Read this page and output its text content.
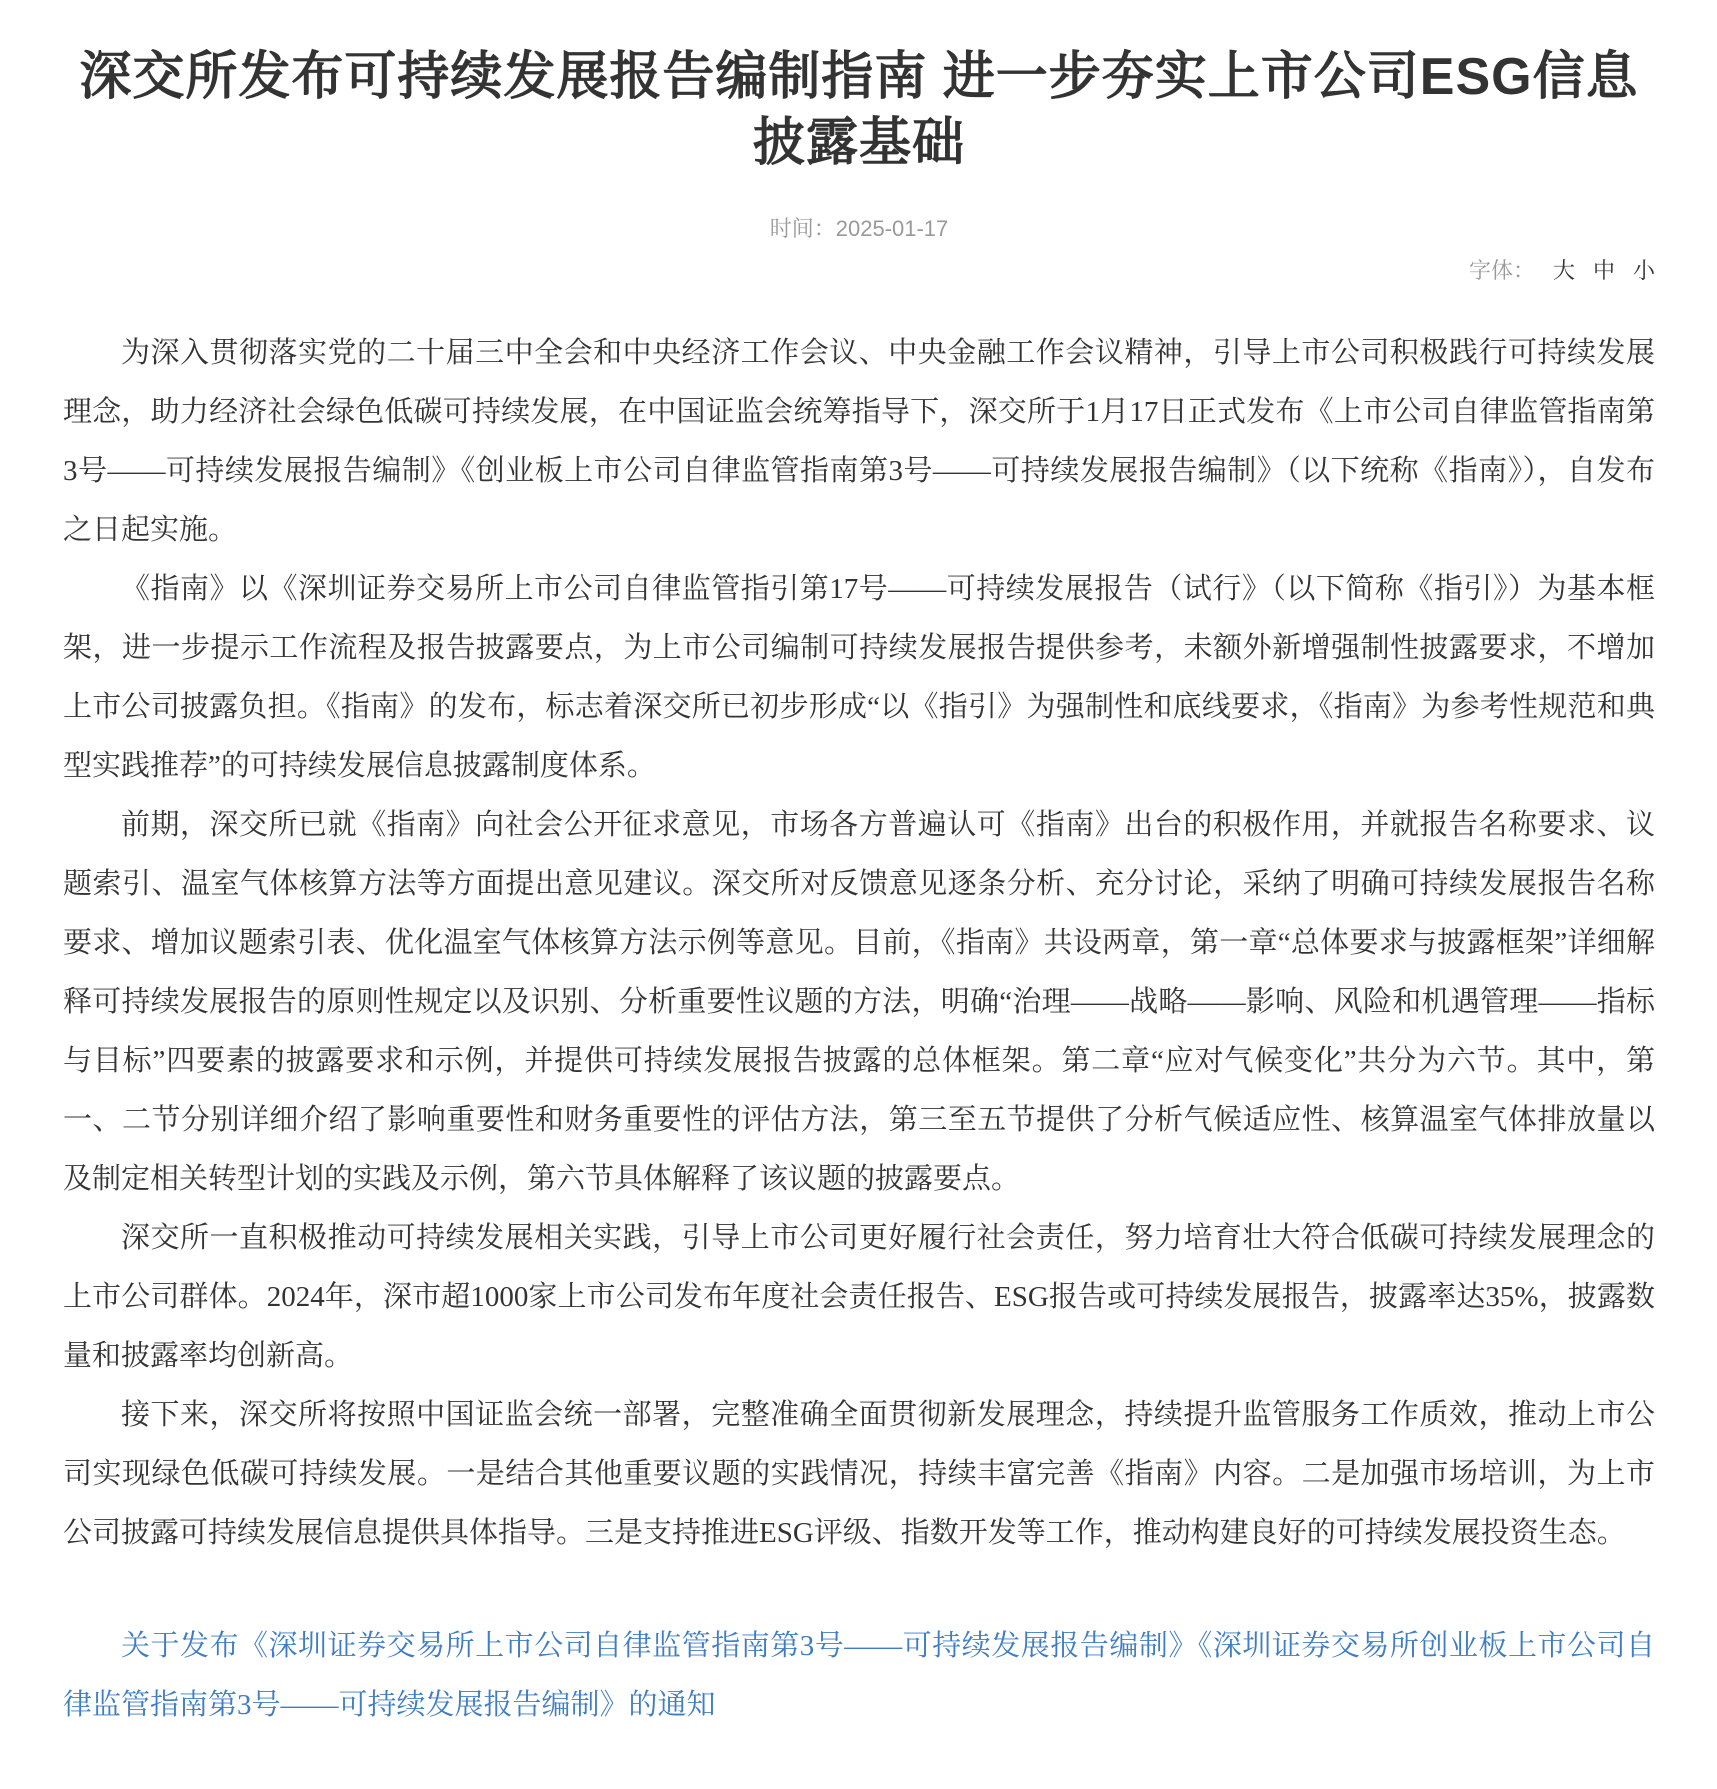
深交所发布可持续发展报告编制指南 进一步夯实上市公司ESG信息披露基础
时间：2025-01-17
字体： 大 中 小

为深入贯彻落实党的二十届三中全会和中央经济工作会议、中央金融工作会议精神，引导上市公司积极践行可持续发展理念，助力经济社会绿色低碳可持续发展，在中国证监会统筹指导下，深交所于1月17日正式发布《上市公司自律监管指南第3号——可持续发展报告编制》《创业板上市公司自律监管指南第3号——可持续发展报告编制》（以下统称《指南》），自发布之日起实施。

《指南》以《深圳证券交易所上市公司自律监管指引第17号——可持续发展报告（试行》（以下简称《指引》）为基本框架，进一步提示工作流程及报告披露要点，为上市公司编制可持续发展报告提供参考，未额外新增强制性披露要求，不增加上市公司披露负担。《指南》的发布，标志着深交所已初步形成“以《指引》为强制性和底线要求，《指南》为参考性规范和典型实践推荐”的可持续发展信息披露制度体系。

前期，深交所已就《指南》向社会公开征求意见，市场各方普遍认可《指南》出台的积极作用，并就报告名称要求、议题索引、温室气体核算方法等方面提出意见建议。深交所对反馈意见逐条分析、充分讨论，采纳了明确可持续发展报告名称要求、增加议题索引表、优化温室气体核算方法示例等意见。目前，《指南》共设两章，第一章“总体要求与披露框架”详细解释可持续发展报告的原则性规定以及识别、分析重要性议题的方法，明确“治理——战略——影响、风险和机遇管理——指标与目标”四要素的披露要求和示例，并提供可持续发展报告披露的总体框架。第二章“应对气候变化”共分为六节。其中，第一、二节分别详细介绍了影响重要性和财务重要性的评估方法，第三至五节提供了分析气候适应性、核算温室气体排放量以及制定相关转型计划的实践及示例，第六节具体解释了该议题的披露要点。

深交所一直积极推动可持续发展相关实践，引导上市公司更好履行社会责任，努力培育壮大符合低碳可持续发展理念的上市公司群体。2024年，深市超1000家上市公司发布年度社会责任报告、ESG报告或可持续发展报告，披露率达35%，披露数量和披露率均创新高。

接下来，深交所将按照中国证监会统一部署，完整准确全面贯彻新发展理念，持续提升监管服务工作质效，推动上市公司实现绿色低碳可持续发展。一是结合其他重要议题的实践情况，持续丰富完善《指南》内容。二是加强市场培训，为上市公司披露可持续发展信息提供具体指导。三是支持推进ESG评级、指数开发等工作，推动构建良好的可持续发展投资生态。

关于发布《深圳证券交易所上市公司自律监管指南第3号——可持续发展报告编制》《深圳证券交易所创业板上市公司自律监管指南第3号——可持续发展报告编制》的通知
